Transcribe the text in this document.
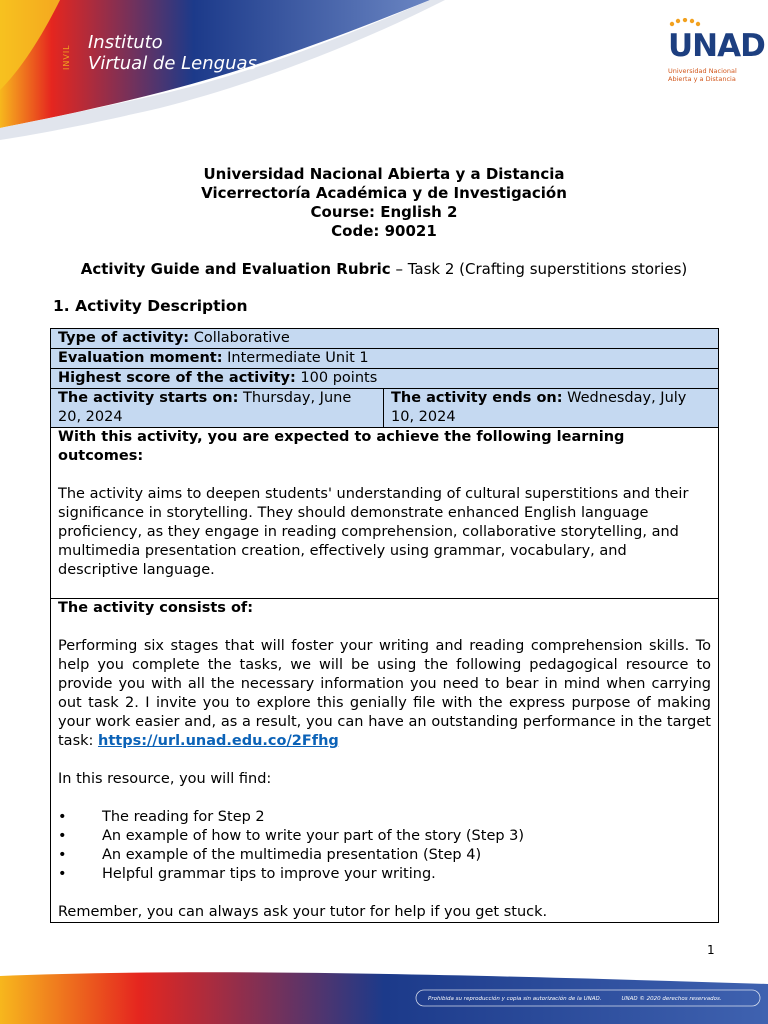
INVIL
Instituto
Virtual de Lenguas	UNAD
Universidad Nacional
Abierta y a Distancia
Universidad Nacional Abierta y a Distancia
Vicerrectoría Académica y de Investigación
Course: English 2
Code: 90021
Activity Guide and Evaluation Rubric – Task 2 (Crafting superstitions stories)
1. Activity Description
Type of activity: Collaborative
Evaluation moment: Intermediate Unit 1
Highest score of the activity: 100 points
The activity starts on: Thursday, June 20, 2024	The activity ends on: Wednesday, July 10, 2024

With this activity, you are expected to achieve the following learning outcomes:

The activity aims to deepen students' understanding of cultural superstitions and their significance in storytelling. They should demonstrate enhanced English language proficiency, as they engage in reading comprehension, collaborative storytelling, and multimedia presentation creation, effectively using grammar, vocabulary, and descriptive language.

The activity consists of:

Performing six stages that will foster your writing and reading comprehension skills. To help you complete the tasks, we will be using the following pedagogical resource to provide you with all the necessary information you need to bear in mind when carrying out task 2. I invite you to explore this genially file with the express purpose of making your work easier and, as a result, you can have an outstanding performance in the target task: https://url.unad.edu.co/2Ffhg

In this resource, you will find:

• The reading for Step 2
• An example of how to write your part of the story (Step 3)
• An example of the multimedia presentation (Step 4)
• Helpful grammar tips to improve your writing.

Remember, you can always ask your tutor for help if you get stuck.

1
Prohibida su reproducción y copia sin autorización de la UNAD.	UNAD © 2020 derechos reservados.
